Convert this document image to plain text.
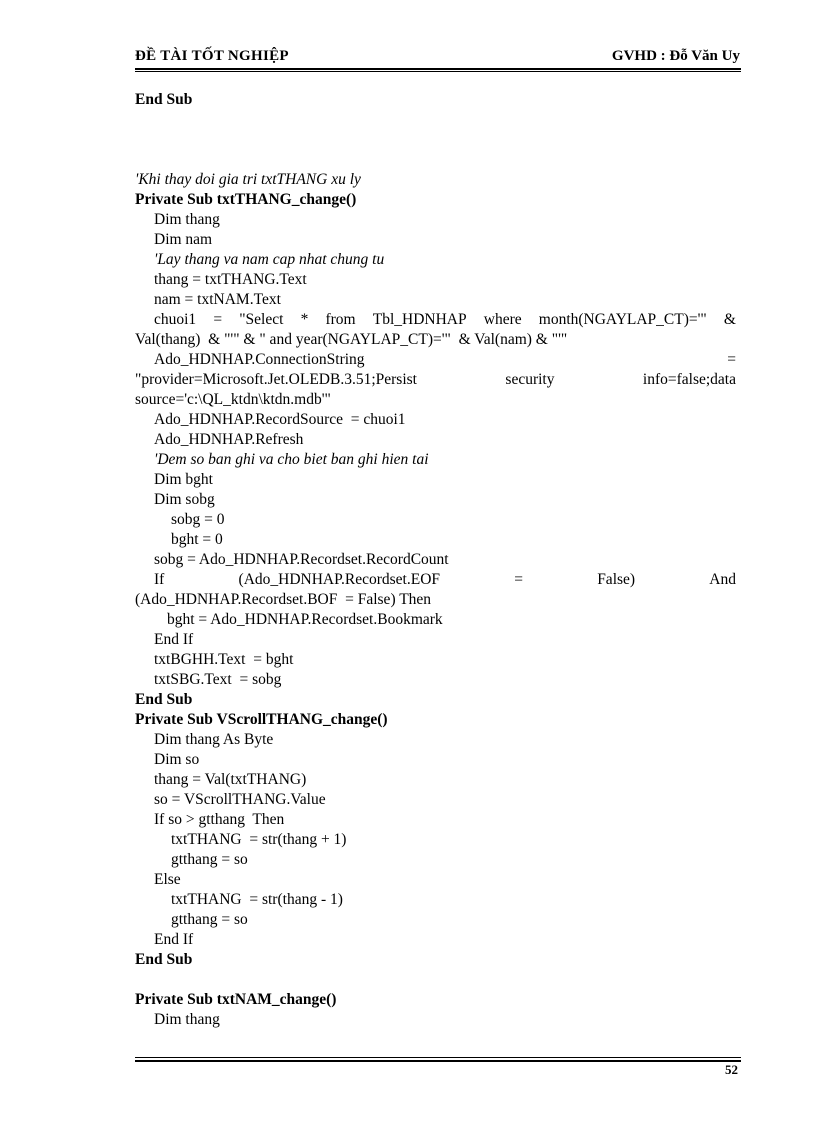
ĐỀ TÀI TỐT NGHIỆP	GVHD : Đỗ Văn Uy
End Sub
'Khi thay doi gia tri txtTHANG xu ly
Private Sub txtTHANG_change()
Dim thang
Dim nam
'Lay thang va nam cap nhat chung tu
thang = txtTHANG.Text
nam = txtNAM.Text
chuoi1 = "Select * from Tbl_HDNHAP where month(NGAYLAP_CT)='" &
Val(thang)  & "'" & " and year(NGAYLAP_CT)='"  & Val(nam) & "'"
Ado_HDNHAP.ConnectionString	=
"provider=Microsoft.Jet.OLEDB.3.51;Persist	security	info=false;data
source='c:\QL_ktdn\ktdn.mdb'"
Ado_HDNHAP.RecordSource  = chuoi1
Ado_HDNHAP.Refresh
'Dem so ban ghi va cho biet ban ghi hien tai
Dim bght
Dim sobg
sobg = 0
bght = 0
sobg = Ado_HDNHAP.Recordset.RecordCount
If	(Ado_HDNHAP.Recordset.EOF	=	False)	And
(Ado_HDNHAP.Recordset.BOF  = False) Then
bght = Ado_HDNHAP.Recordset.Bookmark
End If
txtBGHH.Text  = bght
txtSBG.Text  = sobg
End Sub
Private Sub VScrollTHANG_change()
Dim thang As Byte
Dim so
thang = Val(txtTHANG)
so = VScrollTHANG.Value
If so > gtthang  Then
txtTHANG  = str(thang + 1)
gtthang = so
Else
txtTHANG  = str(thang - 1)
gtthang = so
End If
End Sub
Private Sub txtNAM_change()
Dim thang
52
